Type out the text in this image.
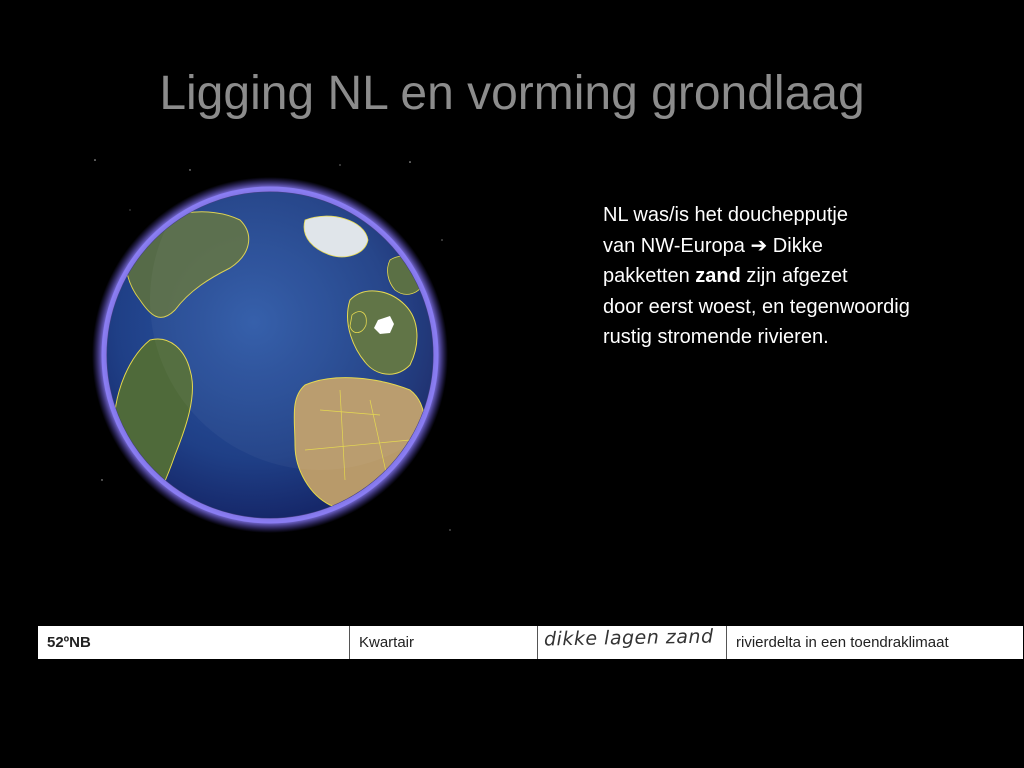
Ligging NL en vorming grondlaag
NL was/is het douchepputje
van NW-Europa ➔ Dikke
pakketten zand zijn afgezet
door eerst woest, en tegenwoordig
rustig stromende rivieren.
52ºNB	Kwartair	dikke lagen zand	rivierdelta in een toendraklimaat
